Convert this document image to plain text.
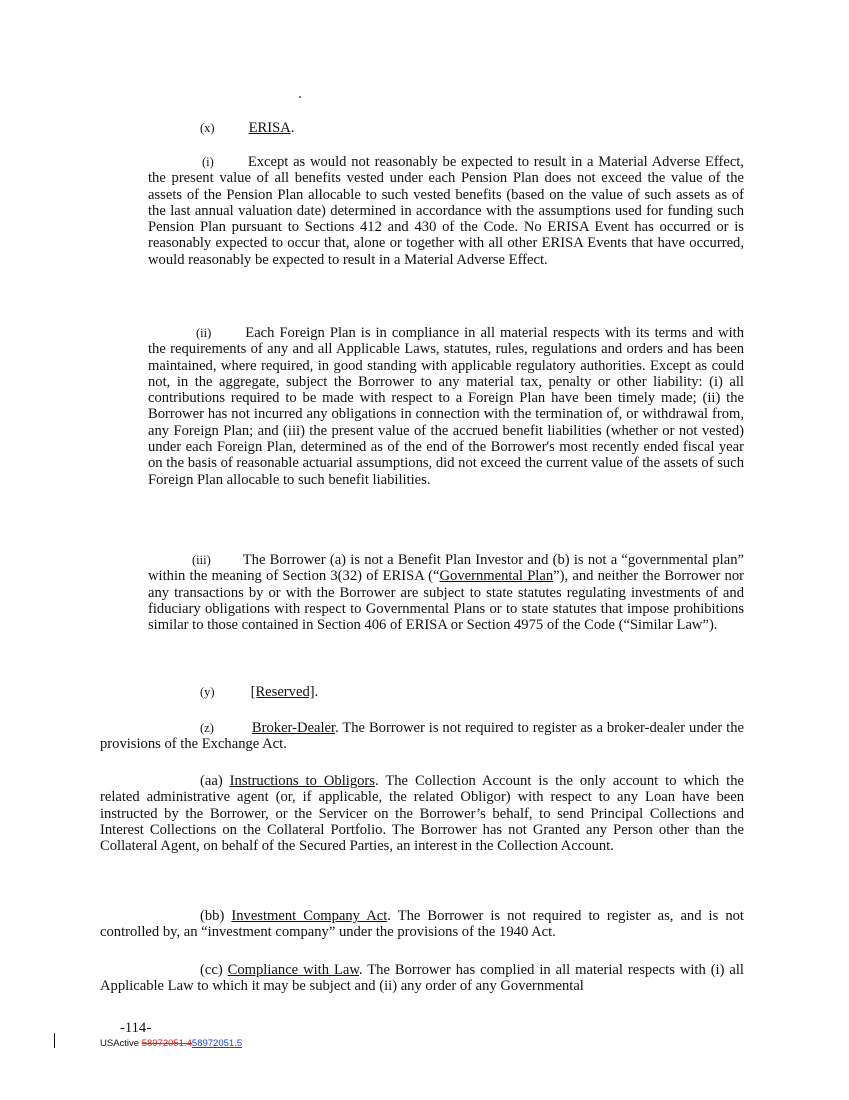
(x) ERISA.
(i) Except as would not reasonably be expected to result in a Material Adverse Effect, the present value of all benefits vested under each Pension Plan does not exceed the value of the assets of the Pension Plan allocable to such vested benefits (based on the value of such assets as of the last annual valuation date) determined in accordance with the assumptions used for funding such Pension Plan pursuant to Sections 412 and 430 of the Code. No ERISA Event has occurred or is reasonably expected to occur that, alone or together with all other ERISA Events that have occurred, would reasonably be expected to result in a Material Adverse Effect.
(ii) Each Foreign Plan is in compliance in all material respects with its terms and with the requirements of any and all Applicable Laws, statutes, rules, regulations and orders and has been maintained, where required, in good standing with applicable regulatory authorities. Except as could not, in the aggregate, subject the Borrower to any material tax, penalty or other liability: (i) all contributions required to be made with respect to a Foreign Plan have been timely made; (ii) the Borrower has not incurred any obligations in connection with the termination of, or withdrawal from, any Foreign Plan; and (iii) the present value of the accrued benefit liabilities (whether or not vested) under each Foreign Plan, determined as of the end of the Borrower's most recently ended fiscal year on the basis of reasonable actuarial assumptions, did not exceed the current value of the assets of such Foreign Plan allocable to such benefit liabilities.
(iii) The Borrower (a) is not a Benefit Plan Investor and (b) is not a “governmental plan” within the meaning of Section 3(32) of ERISA (“Governmental Plan”), and neither the Borrower nor any transactions by or with the Borrower are subject to state statutes regulating investments of and fiduciary obligations with respect to Governmental Plans or to state statutes that impose prohibitions similar to those contained in Section 406 of ERISA or Section 4975 of the Code (“Similar Law”).
(y) [Reserved].
(z)	Broker-Dealer. The Borrower is not required to register as a broker-dealer under the provisions of the Exchange Act.
(aa) Instructions to Obligors. The Collection Account is the only account to which the related administrative agent (or, if applicable, the related Obligor) with respect to any Loan have been instructed by the Borrower, or the Servicer on the Borrower’s behalf, to send Principal Collections and Interest Collections on the Collateral Portfolio. The Borrower has not Granted any Person other than the Collateral Agent, on behalf of the Secured Parties, an interest in the Collection Account.
(bb) Investment Company Act. The Borrower is not required to register as, and is not controlled by, an “investment company” under the provisions of the 1940 Act.
(cc) Compliance with Law. The Borrower has complied in all material respects with (i) all Applicable Law to which it may be subject and (ii) any order of any Governmental
-114-
USActive 58972051.458972051.5
